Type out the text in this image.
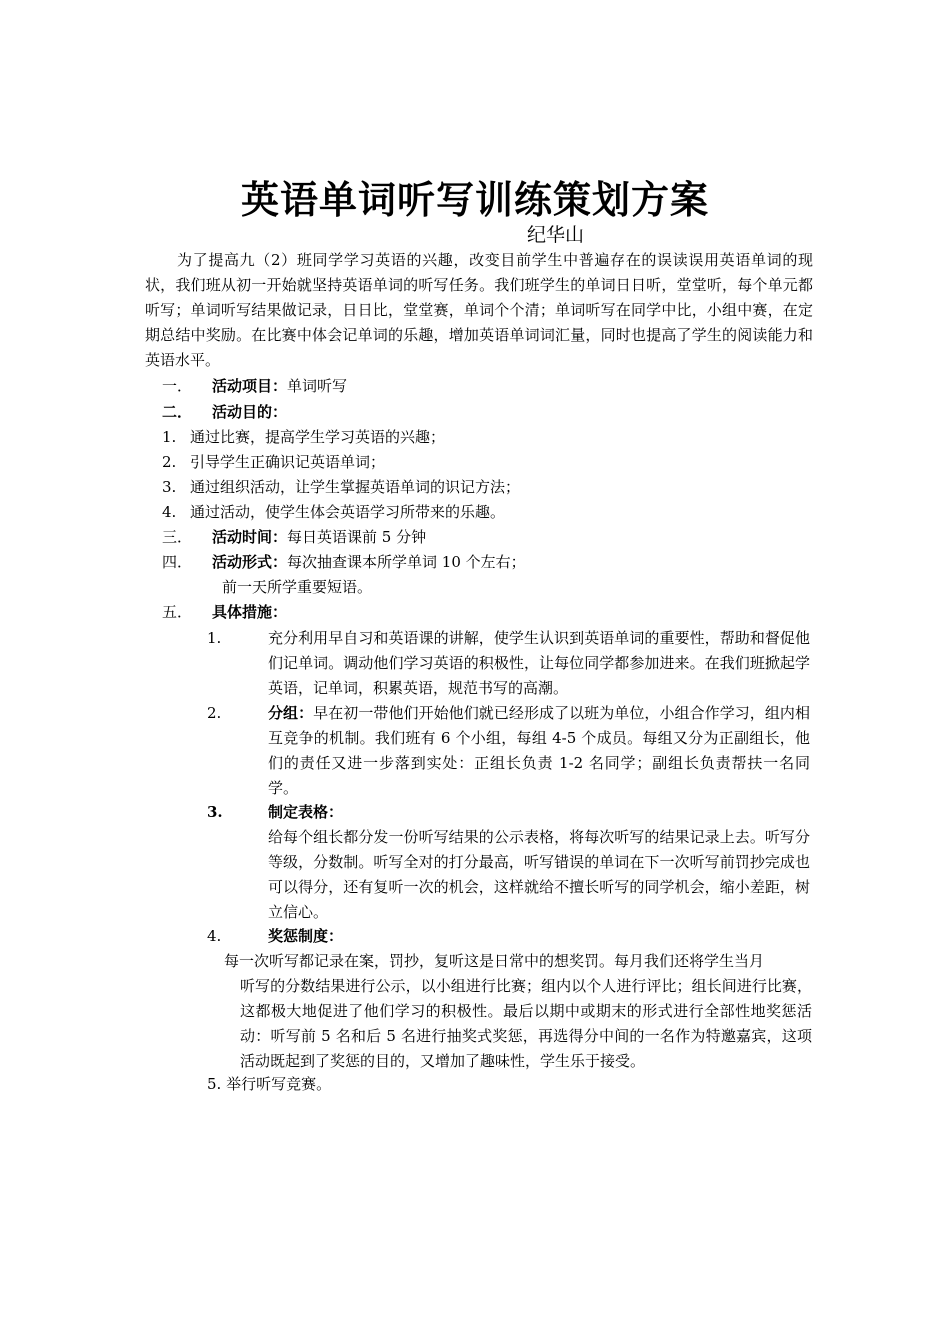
英语单词听写训练策划方案
纪华山

为了提高九（2）班同学学习英语的兴趣，改变目前学生中普遍存在的误读误用英语单词的现状，我们班从初一开始就坚持英语单词的听写任务。我们班学生的单词日日听，堂堂听，每个单元都听写；单词听写结果做记录，日日比，堂堂赛，单词个个清；单词听写在同学中比，小组中赛，在定期总结中奖励。在比赛中体会记单词的乐趣，增加英语单词词汇量，同时也提高了学生的阅读能力和英语水平。

一． 活动项目：单词听写
二． 活动目的：
1. 通过比赛，提高学生学习英语的兴趣；
2. 引导学生正确识记英语单词；
3. 通过组织活动，让学生掌握英语单词的识记方法；
4. 通过活动，使学生体会英语学习所带来的乐趣。
三． 活动时间：每日英语课前 5 分钟
四． 活动形式：每次抽查课本所学单词 10 个左右；
前一天所学重要短语。
五． 具体措施：
1.	充分利用早自习和英语课的讲解，使学生认识到英语单词的重要性，帮助和督促他们记单词。调动他们学习英语的积极性，让每位同学都参加进来。在我们班掀起学英语，记单词，积累英语，规范书写的高潮。

2.	分组：早在初一带他们开始他们就已经形成了以班为单位，小组合作学习，组内相互竞争的机制。我们班有 6 个小组，每组 4-5 个成员。每组又分为正副组长，他们的责任又进一步落到实处：正组长负责 1-2 名同学；副组长负责帮扶一名同学。

3.	制定表格：

给每个组长都分发一份听写结果的公示表格，将每次听写的结果记录上去。听写分等级，分数制。听写全对的打分最高，听写错误的单词在下一次听写前罚抄完成也可以得分，还有复听一次的机会，这样就给不擅长听写的同学机会，缩小差距，树立信心。

4.	奖惩制度：
每一次听写都记录在案，罚抄，复听这是日常中的想奖罚。每月我们还将学生当月

听写的分数结果进行公示，以小组进行比赛；组内以个人进行评比；组长间进行比赛，这都极大地促进了他们学习的积极性。最后以期中或期末的形式进行全部性地奖惩活动：听写前 5 名和后 5 名进行抽奖式奖惩，再选得分中间的一名作为特邀嘉宾，这项活动既起到了奖惩的目的，又增加了趣味性，学生乐于接受。

5. 举行听写竞赛。
